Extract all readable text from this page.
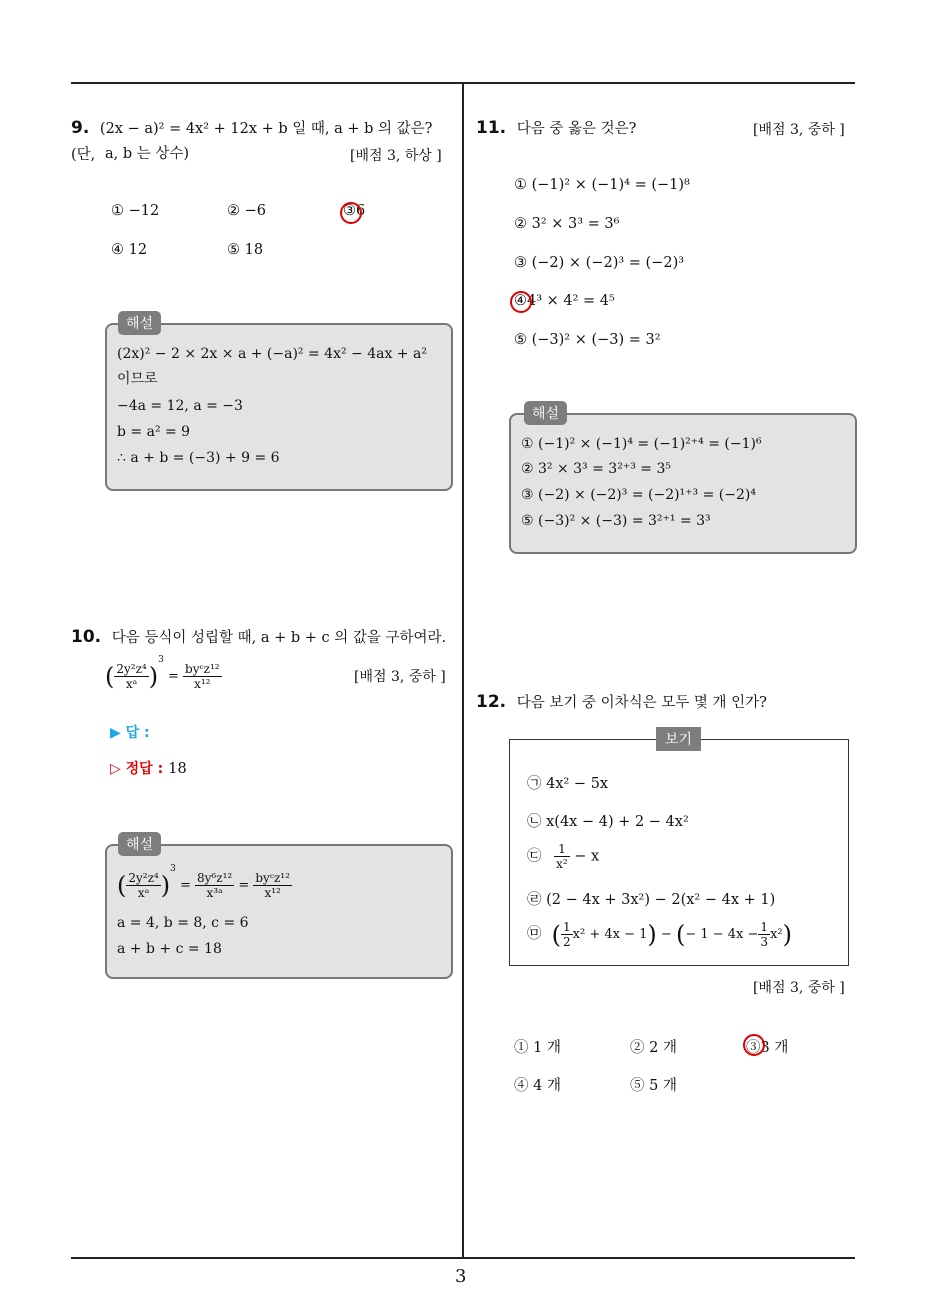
3
9. (2x − a)² = 4x² + 12x + b 일 때, a + b 의 값은?(단, a, b 는 상수)	[배점 3, 하상 ]
① −12	② −6	③6
④ 12	⑤ 18
해설
(2x)² − 2 × 2x × a + (−a)² = 4x² − 4ax + a²
이므로
−4a = 12, a = −3
b = a² = 9
∴ a + b = (−3) + 9 = 6
10. 다음 등식이 성립할 때, a + b + c 의 값을 구하여라.
( $\frac{\text{2y²z⁴}}{\text{xᵃ}} )^3 = \frac{\text{byᶜz¹²}}{\text{x¹²}}$	[배점 3, 중하 ]
▶ 답 :
▷ 정답 : 18
해설
( $\frac{\text{2y²z⁴}}{\text{xᵃ}} )^3 = \frac{\text{8y⁶z¹²}}{\text{x³ᵃ}} = \frac{\text{byᶜz¹²}}{\text{x¹²}}$
a = 4, b = 8, c = 6
a + b + c = 18
11. 다음 중 옳은 것은?	[배점 3, 중하 ]
① (−1)² × (−1)⁴ = (−1)⁸
② 3² × 3³ = 3⁶
③ (−2) × (−2)³ = (−2)³
④4³ × 4² = 4⁵
⑤ (−3)² × (−3) = 3²
해설
① (−1)² × (−1)⁴ = (−1)²⁺⁴ = (−1)⁶
② 3² × 3³ = 3²⁺³ = 3⁵
③ (−2) × (−2)³ = (−2)¹⁺³ = (−2)⁴
⑤ (−3)² × (−3) = 3²⁺¹ = 3³
12. 다음 보기 중 이차식은 모두 몇 개 인가?
보기
㉠ 4x² − 5x
㉡ x(4x − 4) + 2 − 4x²
㉢ $\frac{1}{\text{x²}} - x$
㉣ (2 − 4x + 3x²) − 2(x² − 4x + 1)
㉤ ( $\frac{1}{2} x^2 + 4x - 1$) − (− $1 - 4x - \frac{1}{3} x^2$)
[배점 3, 중하 ]
① 1 개	② 2 개	③3 개
④ 4 개	⑤ 5 개
